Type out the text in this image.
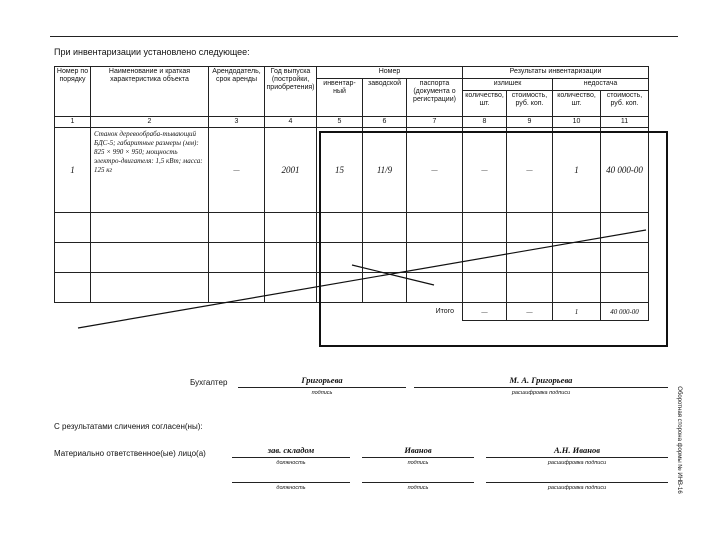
При инвентаризации установлено следующее:
Номер по порядку	Наименование и краткая характеристика объекта	Арендодатель, срок аренды	Год выпуска (постройки, приобретения)	Номер			Результаты инвентаризации			
				инвентар-ный	заводской	паспорта (документа о регистрации)	излишек		недостача	
							количество, шт.	стоимость, руб. коп.	количество, шт.	стоимость, руб. коп.
1	2	3	4	5	6	7	8	9	10	11
1	Станок деревообраба-тывающий БДС-5; габаритные размеры (мм): 825 × 990 × 950; мощность электро-двигателя: 1,5 кВт; масса: 125 кг	—	2001	15	11/9	—	—	—	1	40 000-00

Итого							—	—	1	40 000-00
Бухгалтер	Григорьева
подпись
М. А. Григорьева
расшифровка подписи
С результатами сличения согласен(ны):
Материально ответственное(ые) лицо(а)	зав. складом
должность
Иванов
подпись
А.Н. Иванов
расшифровка подписи
должность	подпись	расшифровка подписи	Оборотная сторона формы № ИНВ-16
